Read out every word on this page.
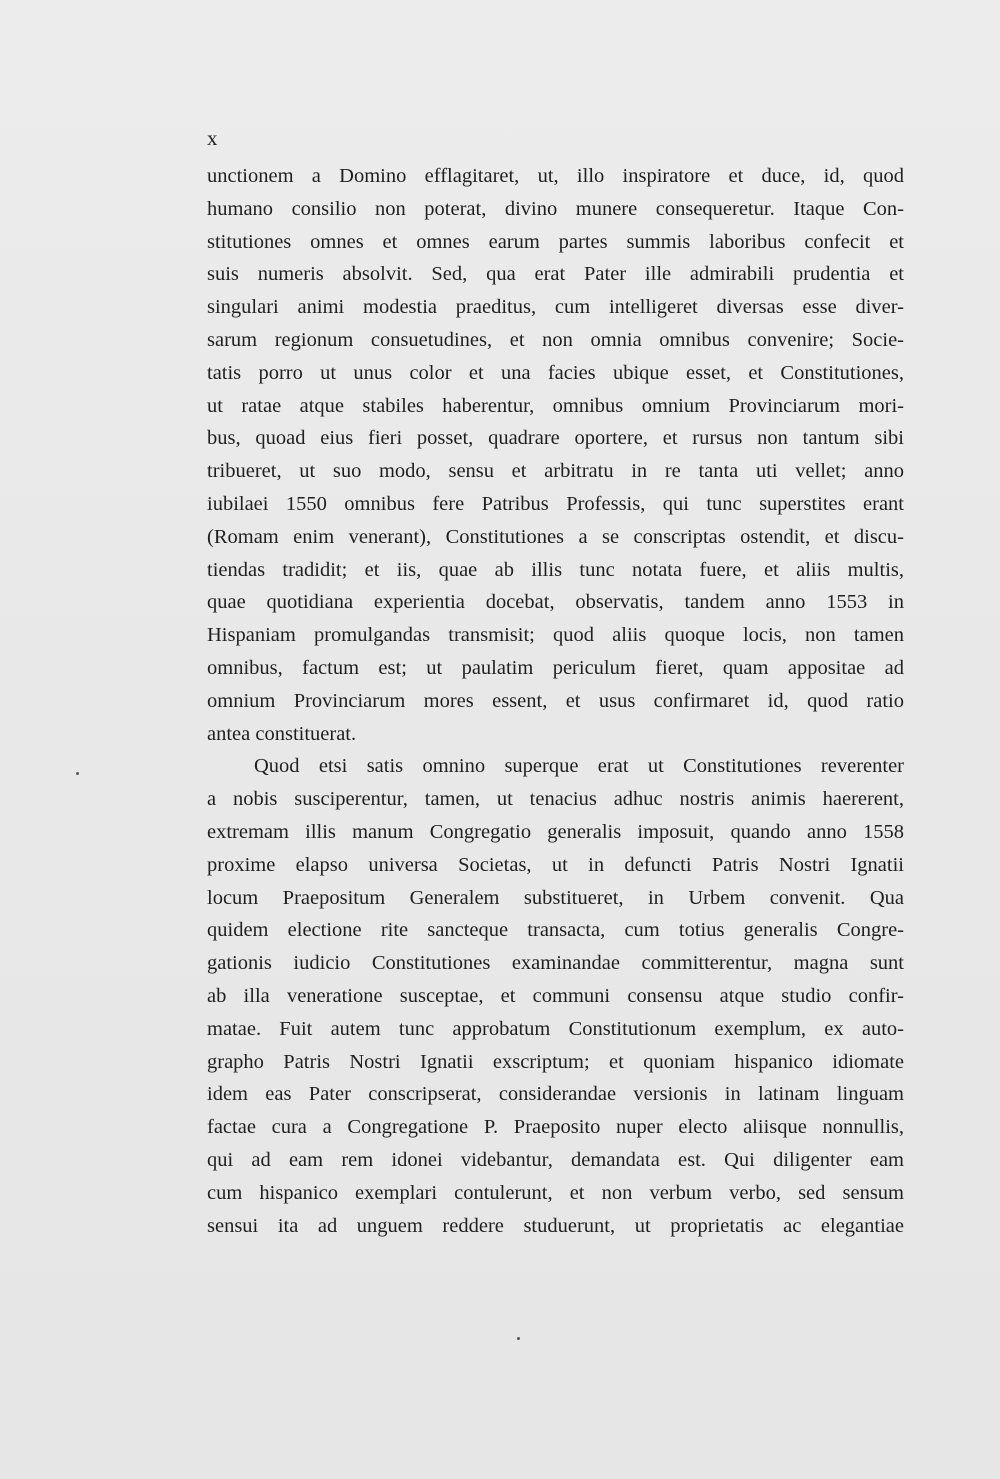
x
unctionem a Domino efflagitaret, ut, illo inspiratore et duce, id, quod
humano consilio non poterat, divino munere consequeretur. Itaque Con-
stitutiones omnes et omnes earum partes summis laboribus confecit et
suis numeris absolvit. Sed, qua erat Pater ille admirabili prudentia et
singulari animi modestia praeditus, cum intelligeret diversas esse diver-
sarum regionum consuetudines, et non omnia omnibus convenire; Socie-
tatis porro ut unus color et una facies ubique esset, et Constitutiones,
ut ratae atque stabiles haberentur, omnibus omnium Provinciarum mori-
bus, quoad eius fieri posset, quadrare oportere, et rursus non tantum sibi
tribueret, ut suo modo, sensu et arbitratu in re tanta uti vellet; anno
iubilaei 1550 omnibus fere Patribus Professis, qui tunc superstites erant
(Romam enim venerant), Constitutiones a se conscriptas ostendit, et discu-
tiendas tradidit; et iis, quae ab illis tunc notata fuere, et aliis multis,
quae quotidiana experientia docebat, observatis, tandem anno 1553 in
Hispaniam promulgandas transmisit; quod aliis quoque locis, non tamen
omnibus, factum est; ut paulatim periculum fieret, quam appositae ad
omnium Provinciarum mores essent, et usus confirmaret id, quod ratio
antea constituerat.
Quod etsi satis omnino superque erat ut Constitutiones reverenter
a nobis susciperentur, tamen, ut tenacius adhuc nostris animis haererent,
extremam illis manum Congregatio generalis imposuit, quando anno 1558
proxime elapso universa Societas, ut in defuncti Patris Nostri Ignatii
locum Praepositum Generalem substitueret, in Urbem convenit. Qua
quidem electione rite sancteque transacta, cum totius generalis Congre-
gationis iudicio Constitutiones examinandae committerentur, magna sunt
ab illa veneratione susceptae, et communi consensu atque studio confir-
matae. Fuit autem tunc approbatum Constitutionum exemplum, ex auto-
grapho Patris Nostri Ignatii exscriptum; et quoniam hispanico idiomate
idem eas Pater conscripserat, considerandae versionis in latinam linguam
factae cura a Congregatione P. Praeposito nuper electo aliisque nonnullis,
qui ad eam rem idonei videbantur, demandata est. Qui diligenter eam
cum hispanico exemplari contulerunt, et non verbum verbo, sed sensum
sensui ita ad unguem reddere studuerunt, ut proprietatis ac elegantiae
